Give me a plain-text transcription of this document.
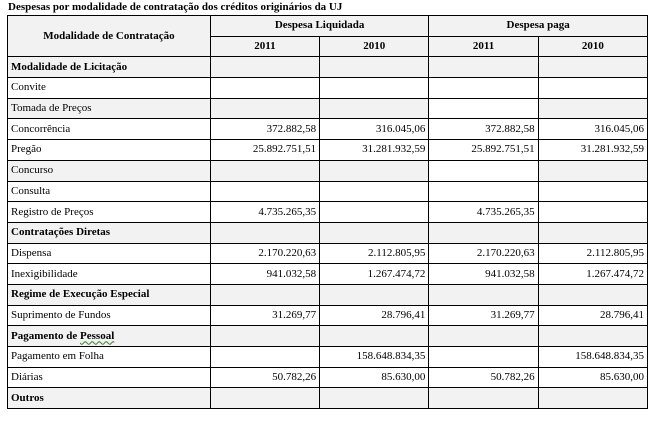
Despesas por modalidade de contratação dos créditos originários da UJ
Modalidade de Contratação	Despesa Liquidada		Despesa paga	
	2011	2010	2011	2010
Modalidade de Licitação				
Convite				
Tomada de Preços				
Concorrência	372.882,58	316.045,06	372.882,58	316.045,06
Pregão	25.892.751,51	31.281.932,59	25.892.751,51	31.281.932,59
Concurso				
Consulta				
Registro de Preços	4.735.265,35		4.735.265,35	
Contratações Diretas				
Dispensa	2.170.220,63	2.112.805,95	2.170.220,63	2.112.805,95
Inexigibilidade	941.032,58	1.267.474,72	941.032,58	1.267.474,72
Regime de Execução Especial				
Suprimento de Fundos	31.269,77	28.796,41	31.269,77	28.796,41
Pagamento de Pessoal				
Pagamento em Folha		158.648.834,35		158.648.834,35
Diárias	50.782,26	85.630,00	50.782,26	85.630,00
Outros				
